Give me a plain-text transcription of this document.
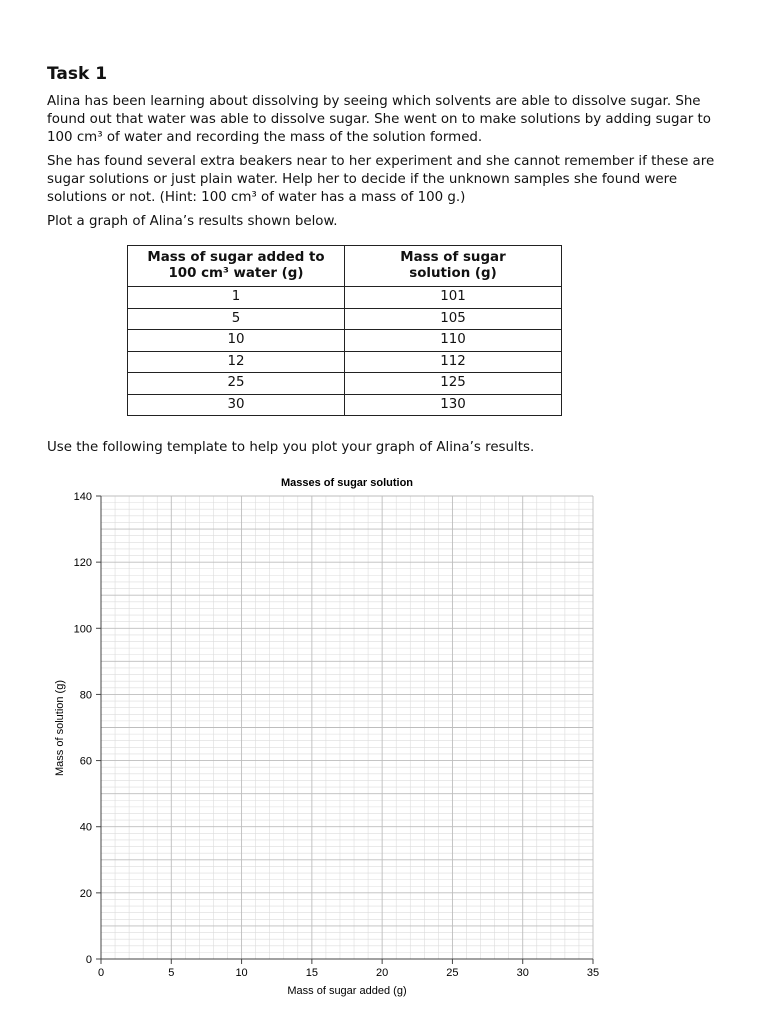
Task 1

Alina has been learning about dissolving by seeing which solvents are able to dissolve sugar. She found out that water was able to dissolve sugar. She went on to make solutions by adding sugar to 100 cm³ of water and recording the mass of the solution formed.

She has found several extra beakers near to her experiment and she cannot remember if these are sugar solutions or just plain water. Help her to decide if the unknown samples she found were solutions or not. (Hint: 100 cm³ of water has a mass of 100 g.)

Plot a graph of Alina’s results shown below.

Mass of sugar added to 100 cm³ water (g)	Mass of sugar solution (g)

1	101
5	105
10	110
12	112
25	125
30	130

Use the following template to help you plot your graph of Alina’s results.

Masses of sugar solution
0	5	10	15	20	25	30	35
0
20
40
60
80
100
120
140
Mass of sugar added (g)
Mass of solution (g)
